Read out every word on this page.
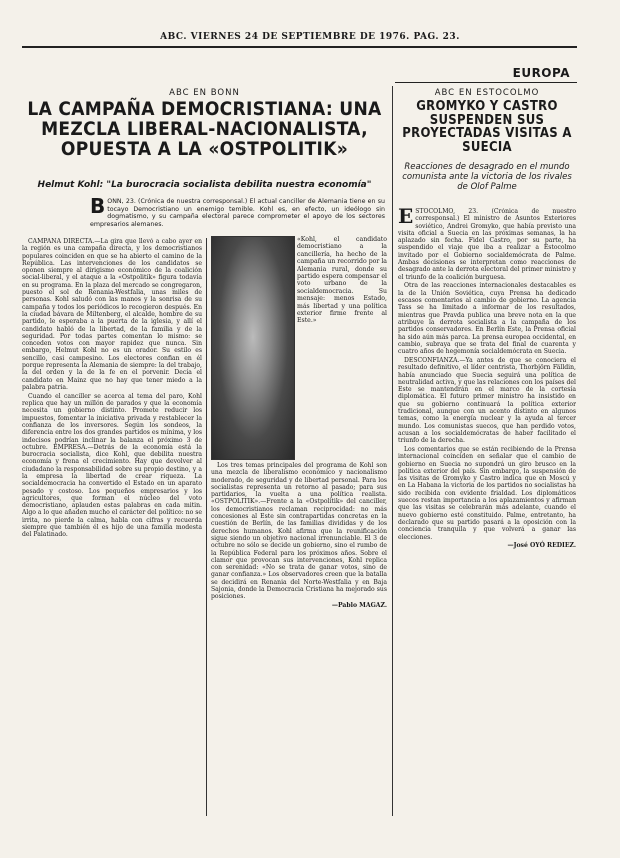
ABC. VIERNES 24 DE SEPTIEMBRE DE 1976. PAG. 23.
EUROPA
ABC EN BONN
LA CAMPAÑA DEMOCRISTIANA: UNA MEZCLA LIBERAL-NACIONALISTA, OPUESTA A LA «OSTPOLITIK»
Helmut Kohl: "La burocracia socialista debilita nuestra economía"
BONN, 23. (Crónica de nuestra corresponsal.) El actual canciller de Alemania tiene en su tocayo Democristiano un enemigo temible. Kohl es, en efecto, un ideólogo sin dogmatismo, y su campaña electoral parece comprometer el apoyo de los sectores empresarios alemanes.

CAMPAÑA DIRECTA.—La gira que llevó a cabo ayer en la región es una campaña directa, y los democristianos populares coinciden en que se ha abierto el camino de la República. Las intervenciones de los candidatos se oponen siempre al dirigismo económico de la coalición social-liberal, y el ataque a la «Ostpolitik» figura todavía en su programa. En la plaza del mercado se congregaron, puesto el sol de Renania-Westfalia, unas miles de personas. Kohl saludó con las manos y la sonrisa de su campaña y todos los periódicos lo recogieron después. En la ciudad bávara de Miltenberg, el alcalde, hombre de su partido, le esperaba a la puerta de la iglesia, y allí el candidato habló de la libertad, de la familia y de la seguridad. Por todas partes comentan lo mismo: se conceden votos con mayor rapidez que nunca. Sin embargo, Helmut Kohl no es un orador. Su estilo es sencillo, casi campesino. Los electores confian en él porque representa la Alemania de siempre: la del trabajo, la del orden y la de la fe en el porvenir. Decía el candidato en Mainz que no hay que tener miedo a la palabra patria.

Cuando el canciller se acerca al tema del paro, Kohl replica que hay un millón de parados y que la economía necesita un gobierno distinto. Promete reducir los impuestos, fomentar la iniciativa privada y restablecer la confianza de los inversores. Según los sondeos, la diferencia entre los dos grandes partidos es mínima, y los indecisos podrían inclinar la balanza el próximo 3 de octubre. EMPRESA.—Detrás de la economía está la burocracia socialista, dice Kohl, que debilita nuestra economía y frena el crecimiento. Hay que devolver al ciudadano la responsabilidad sobre su propio destino, y a la empresa la libertad de crear riqueza. La socialdemocracia ha convertido el Estado en un aparato pesado y costoso. Los pequeños empresarios y los agricultores, que forman el núcleo del voto democristiano, aplauden estas palabras en cada mitin. Algo a lo que añaden mucho el carácter del político: no se irrita, no pierde la calma, habla con cifras y recuerda siempre que también él es hijo de una familia modesta del Palatinado.

«Kohl, el candidato democristiano a la cancillería, ha hecho de la campaña un recorrido por la Alemania rural, donde su partido espera compensar el voto urbano de la socialdemocracia. Su mensaje: menos Estado, más libertad y una política exterior firme frente al Este.»

Los tres temas principales del programa de Kohl son una mezcla de liberalismo económico y nacionalismo moderado, de seguridad y de libertad personal. Para los socialistas representa un retorno al pasado; para sus partidarios, la vuelta a una política realista. «OSTPOLITIK».—Frente a la «Ostpolitik» del canciller, los democristianos reclaman reciprocidad: no más concesiones al Este sin contrapartidas concretas en la cuestión de Berlín, de las familias divididas y de los derechos humanos. Kohl afirma que la reunificación sigue siendo un objetivo nacional irrenunciable. El 3 de octubre no sólo se decide un gobierno, sino el rumbo de la República Federal para los próximos años. Sobre el clamor que provocan sus intervenciones, Kohl replica con serenidad: «No se trata de ganar votos, sino de ganar confianza.» Los observadores creen que la batalla se decidirá en Renania del Norte-Westfalia y en Baja Sajonia, donde la Democracia Cristiana ha mejorado sus posiciones.

—Pablo MAGAZ.

ABC EN ESTOCOLMO
GROMYKO Y CASTRO SUSPENDEN SUS PROYECTADAS VISITAS A SUECIA
Reacciones de desagrado en el mundo comunista ante la victoria de los rivales de Olof Palme

ESTOCOLMO, 23. (Crónica de nuestro corresponsal.) El ministro de Asuntos Exteriores soviético, Andrei Gromyko, que había previsto una visita oficial a Suecia en las próximas semanas, la ha aplazado sin fecha. Fidel Castro, por su parte, ha suspendido el viaje que iba a realizar a Estocolmo invitado por el Gobierno socialdemócrata de Palme. Ambas decisiones se interpretan como reacciones de desagrado ante la derrota electoral del primer ministro y el triunfo de la coalición burguesa.

Otra de las reacciones internacionales destacables es la de la Unión Soviética, cuya Prensa ha dedicado escasos comentarios al cambio de gobierno. La agencia Tass se ha limitado a informar de los resultados, mientras que Pravda publica una breve nota en la que atribuye la derrota socialista a la campaña de los partidos conservadores. En Berlín Este, la Prensa oficial ha sido aún más parca. La prensa europea occidental, en cambio, subraya que se trata del final de cuarenta y cuatro años de hegemonía socialdemócrata en Suecia.

DESCONFIANZA.—Ya antes de que se conociera el resultado definitivo, el líder centrista, Thorbjörn Fälldin, había anunciado que Suecia seguirá una política de neutralidad activa, y que las relaciones con los países del Este se mantendrán en el marco de la cortesía diplomática. El futuro primer ministro ha insistido en que su gobierno continuará la política exterior tradicional, aunque con un acento distinto en algunos temas, como la energía nuclear y la ayuda al tercer mundo. Los comunistas suecos, que han perdido votos, acusan a los socialdemócratas de haber facilitado el triunfo de la derecha.

Los comentarios que se están recibiendo de la Prensa internacional coinciden en señalar que el cambio de gobierno en Suecia no supondrá un giro brusco en la política exterior del país. Sin embargo, la suspensión de las visitas de Gromyko y Castro indica que en Moscú y en La Habana la victoria de los partidos no socialistas ha sido recibida con evidente frialdad. Los diplomáticos suecos restan importancia a los aplazamientos y afirman que las visitas se celebrarán más adelante, cuando el nuevo gobierno esté constituido. Palme, entretanto, ha declarado que su partido pasará a la oposición con la conciencia tranquila y que volverá a ganar las elecciones.

—José OYÓ REDIEZ.
